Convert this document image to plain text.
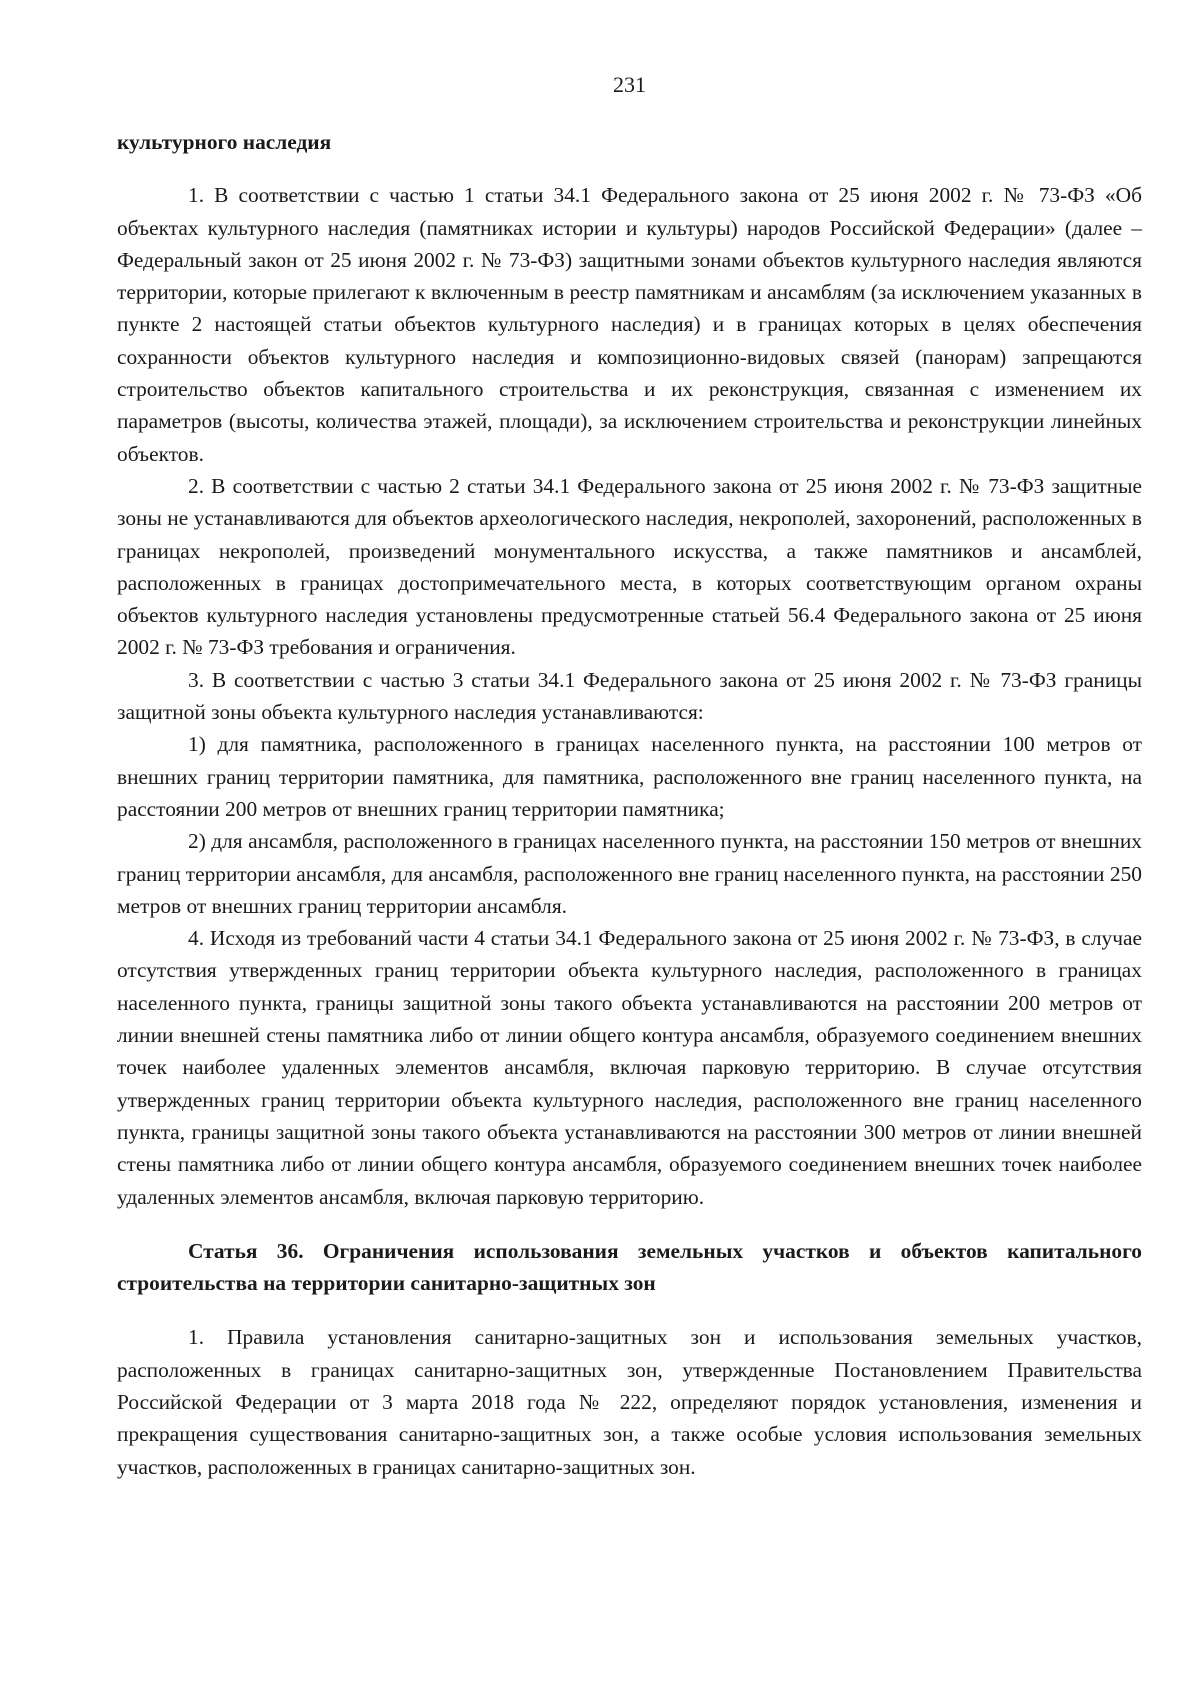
231

культурного наследия

1. В соответствии с частью 1 статьи 34.1 Федерального закона от 25 июня 2002 г. № 73-ФЗ «Об объектах культурного наследия (памятниках истории и культуры) народов Российской Федерации» (далее – Федеральный закон от 25 июня 2002 г. № 73-ФЗ) защитными зонами объектов культурного наследия являются территории, которые прилегают к включенным в реестр памятникам и ансамблям (за исключением указанных в пункте 2 настоящей статьи объектов культурного наследия) и в границах которых в целях обеспечения сохранности объектов культурного наследия и композиционно-видовых связей (панорам) запрещаются строительство объектов капитального строительства и их реконструкция, связанная с изменением их параметров (высоты, количества этажей, площади), за исключением строительства и реконструкции линейных объектов.

2. В соответствии с частью 2 статьи 34.1 Федерального закона от 25 июня 2002 г. № 73-ФЗ защитные зоны не устанавливаются для объектов археологического наследия, некрополей, захоронений, расположенных в границах некрополей, произведений монументального искусства, а также памятников и ансамблей, расположенных в границах достопримечательного места, в которых соответствующим органом охраны объектов культурного наследия установлены предусмотренные статьей 56.4 Федерального закона от 25 июня 2002 г. № 73-ФЗ требования и ограничения.

3. В соответствии с частью 3 статьи 34.1 Федерального закона от 25 июня 2002 г. № 73-ФЗ границы защитной зоны объекта культурного наследия устанавливаются:

1) для памятника, расположенного в границах населенного пункта, на расстоянии 100 метров от внешних границ территории памятника, для памятника, расположенного вне границ населенного пункта, на расстоянии 200 метров от внешних границ территории памятника;

2) для ансамбля, расположенного в границах населенного пункта, на расстоянии 150 метров от внешних границ территории ансамбля, для ансамбля, расположенного вне границ населенного пункта, на расстоянии 250 метров от внешних границ территории ансамбля.

4. Исходя из требований части 4 статьи 34.1 Федерального закона от 25 июня 2002 г. № 73-ФЗ, в случае отсутствия утвержденных границ территории объекта культурного наследия, расположенного в границах населенного пункта, границы защитной зоны такого объекта устанавливаются на расстоянии 200 метров от линии внешней стены памятника либо от линии общего контура ансамбля, образуемого соединением внешних точек наиболее удаленных элементов ансамбля, включая парковую территорию. В случае отсутствия утвержденных границ территории объекта культурного наследия, расположенного вне границ населенного пункта, границы защитной зоны такого объекта устанавливаются на расстоянии 300 метров от линии внешней стены памятника либо от линии общего контура ансамбля, образуемого соединением внешних точек наиболее удаленных элементов ансамбля, включая парковую территорию.

Статья 36. Ограничения использования земельных участков и объектов капитального строительства на территории санитарно-защитных зон

1. Правила установления санитарно-защитных зон и использования земельных участков, расположенных в границах санитарно-защитных зон, утвержденные Постановлением Правительства Российской Федерации от 3 марта 2018 года № 222, определяют порядок установления, изменения и прекращения существования санитарно-защитных зон, а также особые условия использования земельных участков, расположенных в границах санитарно-защитных зон.
